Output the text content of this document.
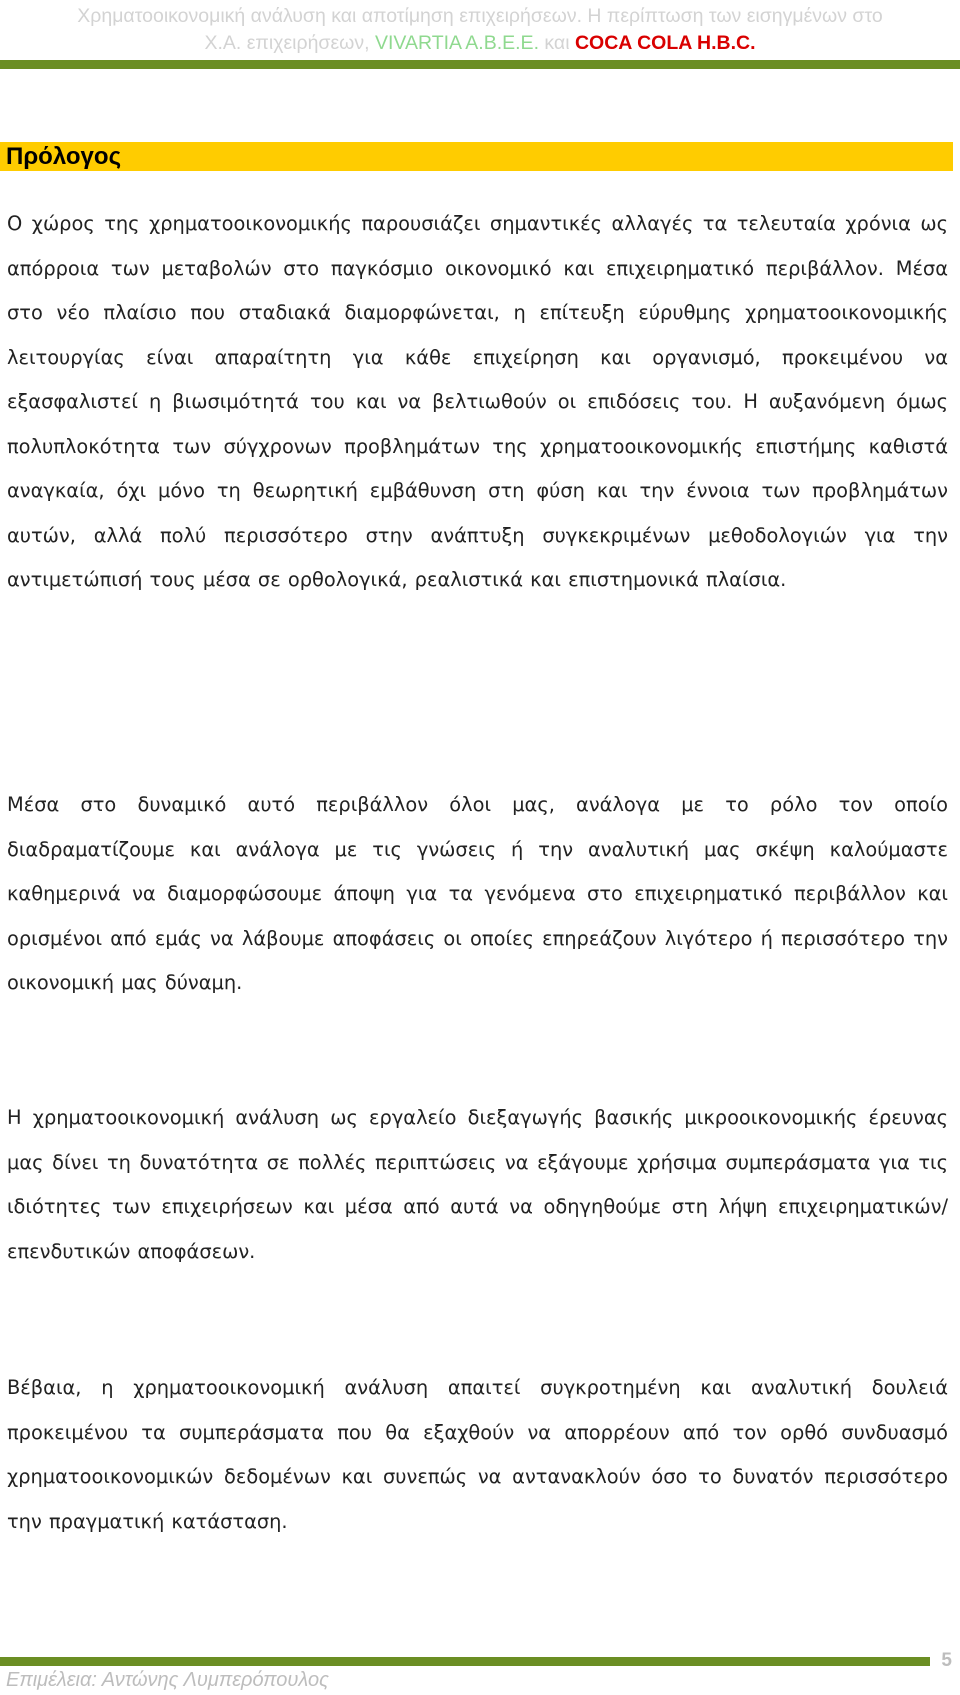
Χρηματοοικονομική ανάλυση και αποτίμηση επιχειρήσεων. Η περίπτωση των εισηγμένων στο
Χ.Α. επιχειρήσεων, VIVARTIA A.B.E.E. και COCA COLA H.B.C.
Πρόλογος

Ο χώρος της χρηματοοικονομικής παρουσιάζει σημαντικές αλλαγές τα τελευταία χρόνια ως απόρροια των μεταβολών στο παγκόσμιο οικονομικό και επιχειρηματικό περιβάλλον. Μέσα στο νέο πλαίσιο που σταδιακά διαμορφώνεται, η επίτευξη εύρυθμης χρηματοοικονομικής λειτουργίας είναι απαραίτητη για κάθε επιχείρηση και οργανισμό, προκειμένου να εξασφαλιστεί η βιωσιμότητά του και να βελτιωθούν οι επιδόσεις του. Η αυξανόμενη όμως πολυπλοκότητα των σύγχρονων προβλημάτων της χρηματοοικονομικής επιστήμης καθιστά αναγκαία, όχι μόνο τη θεωρητική εμβάθυνση στη φύση και την έννοια των προβλημάτων αυτών, αλλά πολύ περισσότερο στην ανάπτυξη συγκεκριμένων μεθοδολογιών για την αντιμετώπισή τους μέσα σε ορθολογικά, ρεαλιστικά και επιστημονικά πλαίσια.

Μέσα στο δυναμικό αυτό περιβάλλον όλοι μας, ανάλογα με το ρόλο τον οποίο διαδραματίζουμε και ανάλογα με τις γνώσεις ή την αναλυτική μας σκέψη καλούμαστε καθημερινά να διαμορφώσουμε άποψη για τα γενόμενα στο επιχειρηματικό περιβάλλον και ορισμένοι από εμάς να λάβουμε αποφάσεις οι οποίες επηρεάζουν λιγότερο ή περισσότερο την οικονομική μας δύναμη.

Η χρηματοοικονομική ανάλυση ως εργαλείο διεξαγωγής βασικής μικροοικονομικής έρευνας μας δίνει τη δυνατότητα σε πολλές περιπτώσεις να εξάγουμε χρήσιμα συμπεράσματα για τις ιδιότητες των επιχειρήσεων και μέσα από αυτά να οδηγηθούμε στη λήψη επιχειρηματικών/ επενδυτικών αποφάσεων.

Βέβαια, η χρηματοοικονομική ανάλυση απαιτεί συγκροτημένη και αναλυτική δουλειά προκειμένου τα συμπεράσματα που θα εξαχθούν να απορρέουν από τον ορθό συνδυασμό χρηματοοικονομικών δεδομένων και συνεπώς να αντανακλούν όσο το δυνατόν περισσότερο την πραγματική κατάσταση.

Επιμέλεια: Αντώνης Λυμπερόπουλος
5
